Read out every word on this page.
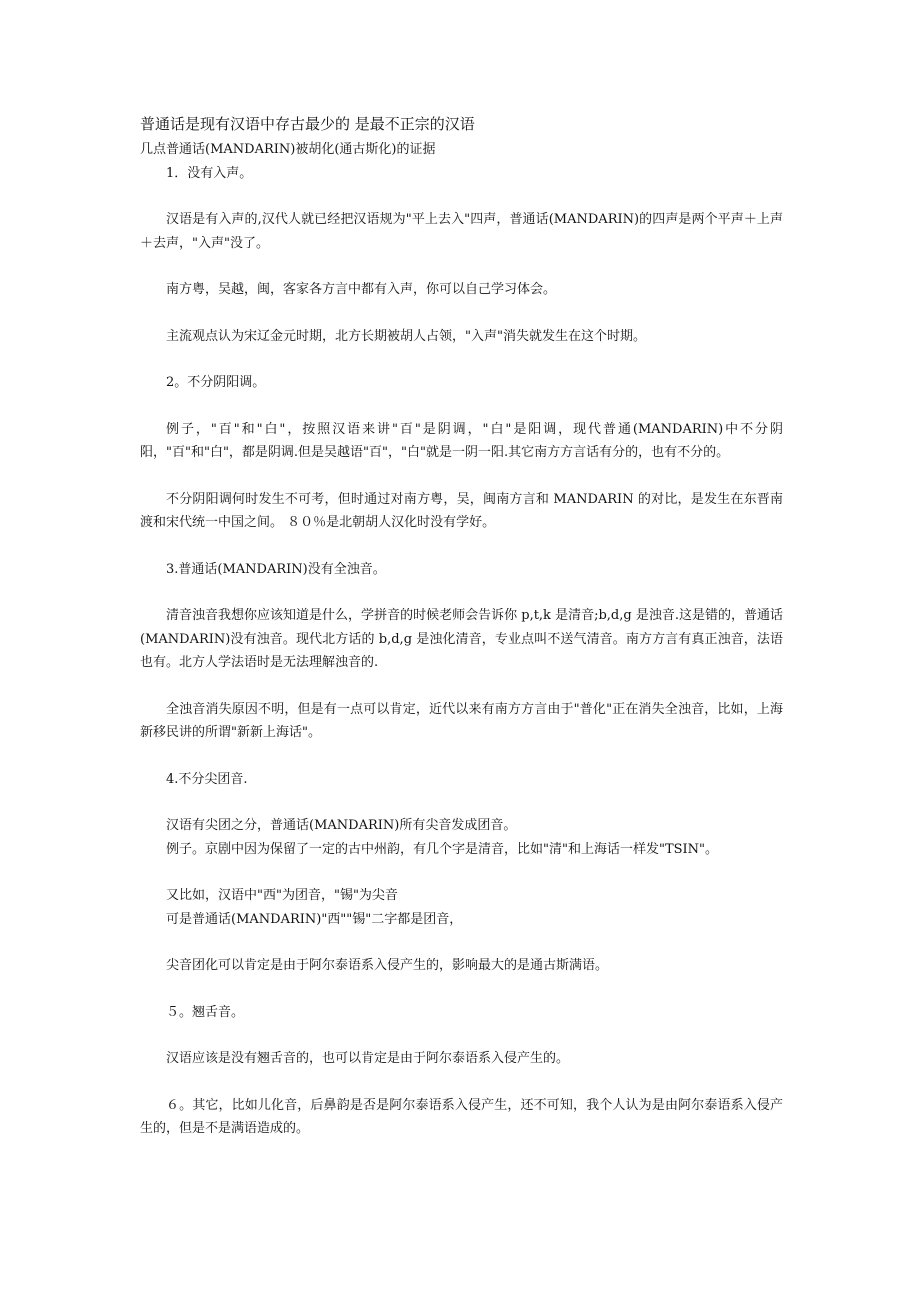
普通话是现有汉语中存古最少的 是最不正宗的汉语

几点普通话(MANDARIN)被胡化(通古斯化)的证据

1．没有入声。

汉语是有入声的,汉代人就已经把汉语规为"平上去入"四声，普通话(MANDARIN)的四声是两个平声＋上声＋去声，"入声"没了。

南方粤，吴越，闽，客家各方言中都有入声，你可以自己学习体会。

主流观点认为宋辽金元时期，北方长期被胡人占领，"入声"消失就发生在这个时期。

2。不分阴阳调。

例子，"百"和"白"，按照汉语来讲"百"是阴调，"白"是阳调，现代普通(MANDARIN)中不分阴阳，"百"和"白"，都是阴调.但是吴越语"百"，"白"就是一阴一阳.其它南方方言话有分的，也有不分的。

不分阴阳调何时发生不可考，但时通过对南方粤，吴，闽南方言和 MANDARIN 的对比，是发生在东晋南渡和宋代统一中国之间。 ８０％是北朝胡人汉化时没有学好。

3.普通话(MANDARIN)没有全浊音。

清音浊音我想你应该知道是什么，学拼音的时候老师会告诉你 p,t,k 是清音;b,d,g 是浊音.这是错的，普通话(MANDARIN)没有浊音。现代北方话的 b,d,g 是浊化清音，专业点叫不送气清音。南方方言有真正浊音，法语也有。北方人学法语时是无法理解浊音的.

全浊音消失原因不明，但是有一点可以肯定，近代以来有南方方言由于"普化"正在消失全浊音，比如，上海新移民讲的所谓"新新上海话"。

4.不分尖团音.

汉语有尖团之分，普通话(MANDARIN)所有尖音发成团音。

例子。京剧中因为保留了一定的古中州韵，有几个字是清音，比如"清"和上海话一样发"TSIN"。

又比如，汉语中"西"为团音，"锡"为尖音

可是普通话(MANDARIN)"西""锡"二字都是团音，

尖音团化可以肯定是由于阿尔泰语系入侵产生的，影响最大的是通古斯满语。

５。翘舌音。

汉语应该是没有翘舌音的，也可以肯定是由于阿尔泰语系入侵产生的。

６。其它，比如儿化音，后鼻韵是否是阿尔泰语系入侵产生，还不可知，我个人认为是由阿尔泰语系入侵产生的，但是不是满语造成的。
